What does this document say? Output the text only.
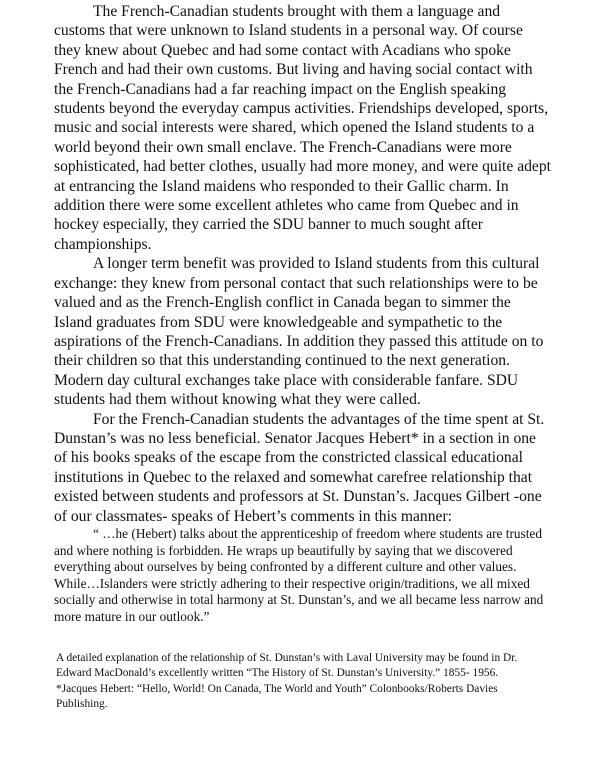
The French-Canadian students brought with them a language and customs that were unknown to Island students in a personal way. Of course they knew about Quebec and had some contact with Acadians who spoke French and had their own customs. But living and having social contact with the French-Canadians had a far reaching impact on the English speaking students beyond the everyday campus activities. Friendships developed, sports, music and social interests were shared, which opened the Island students to a world beyond their own small enclave. The French-Canadians were more sophisticated, had better clothes, usually had more money, and were quite adept at entrancing the Island maidens who responded to their Gallic charm. In addition there were some excellent athletes who came from Quebec and in hockey especially, they carried the SDU banner to much sought after championships.

A longer term benefit was provided to Island students from this cultural exchange: they knew from personal contact that such relationships were to be valued and as the French-English conflict in Canada began to simmer the Island graduates from SDU were knowledgeable and sympathetic to the aspirations of the French-Canadians. In addition they passed this attitude on to their children so that this understanding continued to the next generation. Modern day cultural exchanges take place with considerable fanfare. SDU students had them without knowing what they were called.

For the French-Canadian students the advantages of the time spent at St. Dunstan’s was no less beneficial. Senator Jacques Hebert* in a section in one of his books speaks of the escape from the constricted classical educational institutions in Quebec to the relaxed and somewhat carefree relationship that existed between students and professors at St. Dunstan’s. Jacques Gilbert -one of our classmates- speaks of Hebert’s comments in this manner:

“ …he (Hebert) talks about the apprenticeship of freedom where students are trusted and where nothing is forbidden. He wraps up beautifully by saying that we discovered everything about ourselves by being confronted by a different culture and other values. While…Islanders were strictly adhering to their respective origin/traditions, we all mixed socially and otherwise in total harmony at St. Dunstan’s, and we all became less narrow and more mature in our outlook.”

A detailed explanation of the relationship of St. Dunstan’s with Laval University may be found in Dr. Edward MacDonald’s excellently written “The History of St. Dunstan’s University.” 1855- 1956.

*Jacques Hebert: “Hello, World! On Canada, The World and Youth” Colonbooks/Roberts Davies Publishing.
